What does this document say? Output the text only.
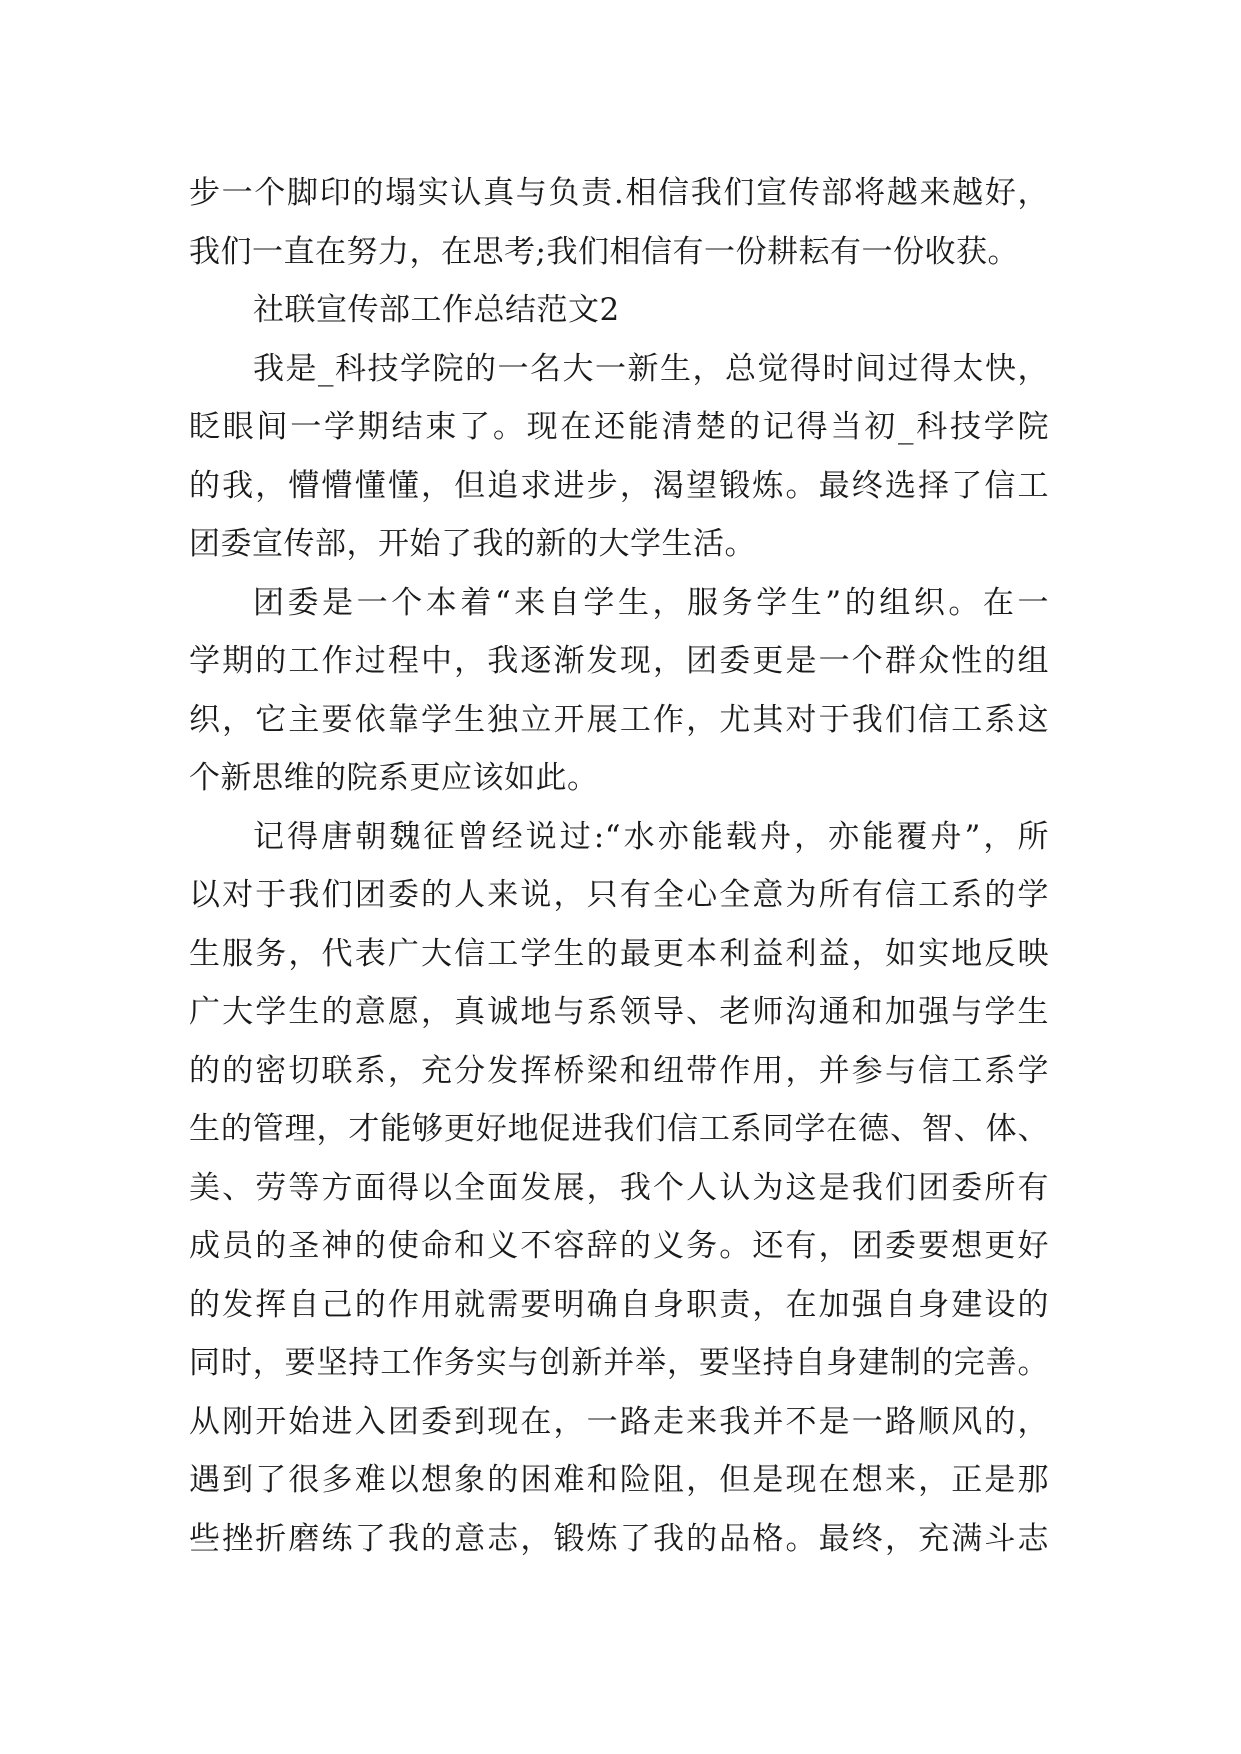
步一个脚印的塌实认真与负责.相信我们宣传部将越来越好，
我们一直在努力，在思考;我们相信有一份耕耘有一份收获。
社联宣传部工作总结范文2
我是_科技学院的一名大一新生，总觉得时间过得太快，
眨眼间一学期结束了。现在还能清楚的记得当初_科技学院
的我，懵懵懂懂，但追求进步，渴望锻炼。最终选择了信工
团委宣传部，开始了我的新的大学生活。
团委是一个本着“来自学生，服务学生”的组织。在一
学期的工作过程中，我逐渐发现，团委更是一个群众性的组
织，它主要依靠学生独立开展工作，尤其对于我们信工系这
个新思维的院系更应该如此。
记得唐朝魏征曾经说过:“水亦能载舟，亦能覆舟”，所
以对于我们团委的人来说，只有全心全意为所有信工系的学
生服务，代表广大信工学生的最更本利益利益，如实地反映
广大学生的意愿，真诚地与系领导、老师沟通和加强与学生
的的密切联系，充分发挥桥梁和纽带作用，并参与信工系学
生的管理，才能够更好地促进我们信工系同学在德、智、体、
美、劳等方面得以全面发展，我个人认为这是我们团委所有
成员的圣神的使命和义不容辞的义务。还有，团委要想更好
的发挥自己的作用就需要明确自身职责，在加强自身建设的
同时，要坚持工作务实与创新并举，要坚持自身建制的完善。
从刚开始进入团委到现在，一路走来我并不是一路顺风的，
遇到了很多难以想象的困难和险阻，但是现在想来，正是那
些挫折磨练了我的意志，锻炼了我的品格。最终，充满斗志
